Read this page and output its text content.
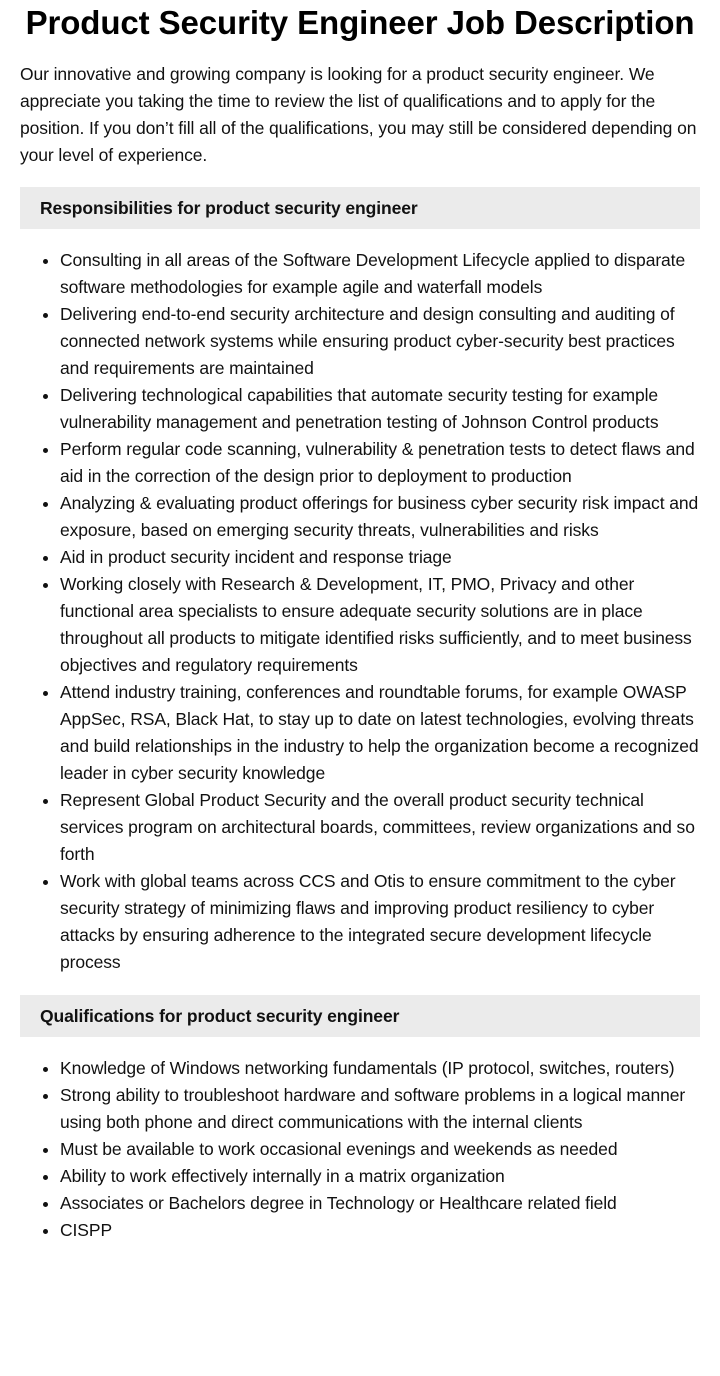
Product Security Engineer Job Description

Our innovative and growing company is looking for a product security engineer. We appreciate you taking the time to review the list of qualifications and to apply for the position. If you don’t fill all of the qualifications, you may still be considered depending on your level of experience.

Responsibilities for product security engineer
• Consulting in all areas of the Software Development Lifecycle applied to disparate software methodologies for example agile and waterfall models
• Delivering end-to-end security architecture and design consulting and auditing of connected network systems while ensuring product cyber-security best practices and requirements are maintained
• Delivering technological capabilities that automate security testing for example vulnerability management and penetration testing of Johnson Control products
• Perform regular code scanning, vulnerability & penetration tests to detect flaws and aid in the correction of the design prior to deployment to production
• Analyzing & evaluating product offerings for business cyber security risk impact and exposure, based on emerging security threats, vulnerabilities and risks
• Aid in product security incident and response triage
• Working closely with Research & Development, IT, PMO, Privacy and other functional area specialists to ensure adequate security solutions are in place throughout all products to mitigate identified risks sufficiently, and to meet business objectives and regulatory requirements
• Attend industry training, conferences and roundtable forums, for example OWASP AppSec, RSA, Black Hat, to stay up to date on latest technologies, evolving threats and build relationships in the industry to help the organization become a recognized leader in cyber security knowledge
• Represent Global Product Security and the overall product security technical services program on architectural boards, committees, review organizations and so forth
• Work with global teams across CCS and Otis to ensure commitment to the cyber security strategy of minimizing flaws and improving product resiliency to cyber attacks by ensuring adherence to the integrated secure development lifecycle process
Qualifications for product security engineer
• Knowledge of Windows networking fundamentals (IP protocol, switches, routers)
• Strong ability to troubleshoot hardware and software problems in a logical manner using both phone and direct communications with the internal clients
• Must be available to work occasional evenings and weekends as needed
• Ability to work effectively internally in a matrix organization
• Associates or Bachelors degree in Technology or Healthcare related field
• CISPP
